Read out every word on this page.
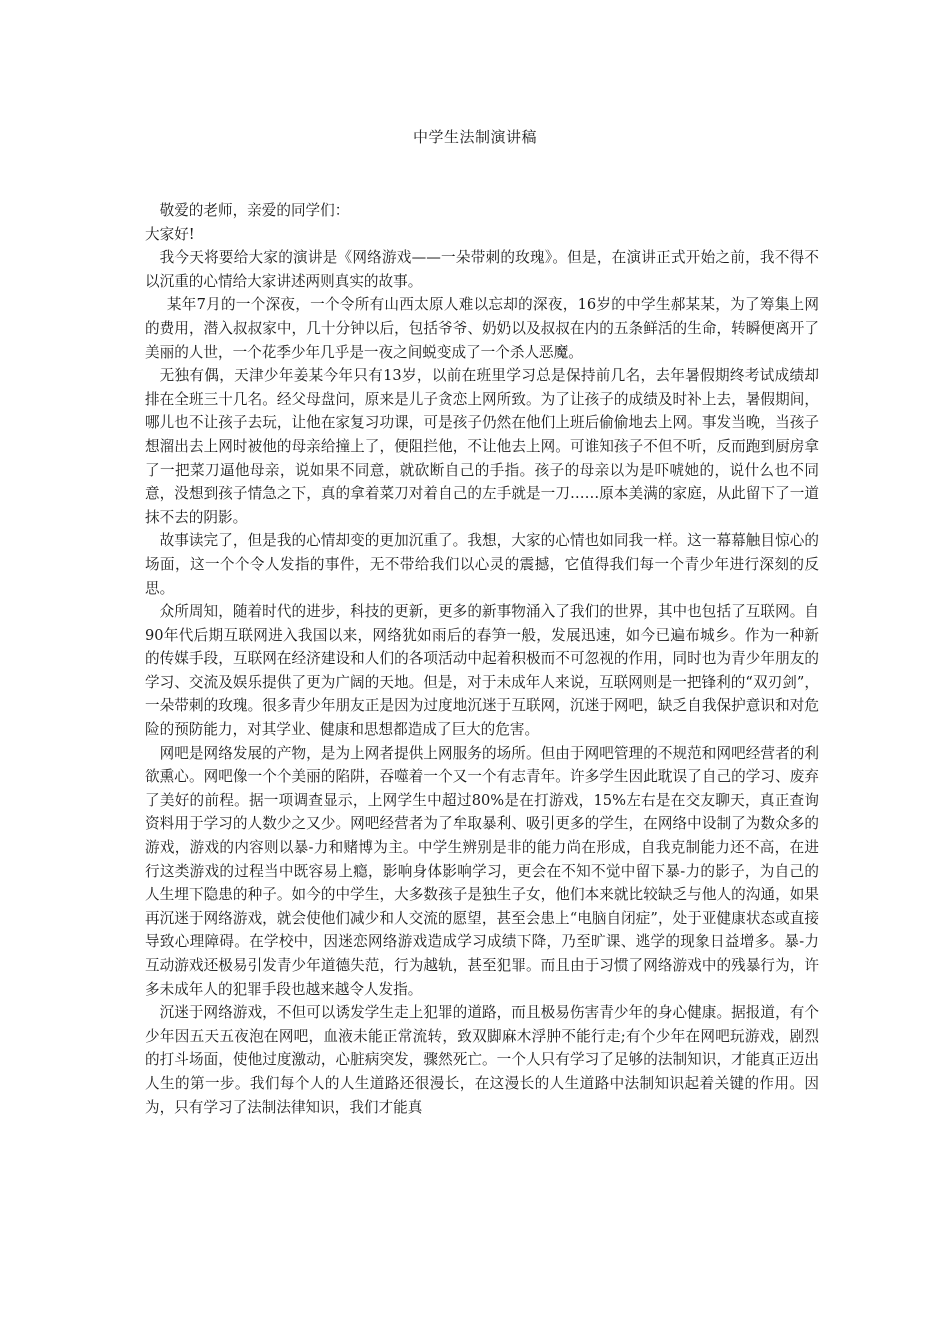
中学生法制演讲稿

敬爱的老师，亲爱的同学们：

大家好!

我今天将要给大家的演讲是《网络游戏——一朵带刺的玫瑰》。但是，在演讲正式开始之前，我不得不以沉重的心情给大家讲述两则真实的故事。

某年7月的一个深夜，一个令所有山西太原人难以忘却的深夜，16岁的中学生郝某某，为了筹集上网的费用，潜入叔叔家中，几十分钟以后，包括爷爷、奶奶以及叔叔在内的五条鲜活的生命，转瞬便离开了美丽的人世，一个花季少年几乎是一夜之间蜕变成了一个杀人恶魔。

无独有偶，天津少年姜某今年只有13岁，以前在班里学习总是保持前几名，去年暑假期终考试成绩却排在全班三十几名。经父母盘问，原来是儿子贪恋上网所致。为了让孩子的成绩及时补上去，暑假期间，哪儿也不让孩子去玩，让他在家复习功课，可是孩子仍然在他们上班后偷偷地去上网。事发当晚，当孩子想溜出去上网时被他的母亲给撞上了，便阻拦他，不让他去上网。可谁知孩子不但不听，反而跑到厨房拿了一把菜刀逼他母亲，说如果不同意，就砍断自己的手指。孩子的母亲以为是吓唬她的，说什么也不同意，没想到孩子情急之下，真的拿着菜刀对着自己的左手就是一刀……原本美满的家庭，从此留下了一道抹不去的阴影。

故事读完了，但是我的心情却变的更加沉重了。我想，大家的心情也如同我一样。这一幕幕触目惊心的场面，这一个个令人发指的事件，无不带给我们以心灵的震撼，它值得我们每一个青少年进行深刻的反思。

众所周知，随着时代的进步，科技的更新，更多的新事物涌入了我们的世界，其中也包括了互联网。自90年代后期互联网进入我国以来，网络犹如雨后的春笋一般，发展迅速，如今已遍布城乡。作为一种新的传媒手段，互联网在经济建设和人们的各项活动中起着积极而不可忽视的作用，同时也为青少年朋友的学习、交流及娱乐提供了更为广阔的天地。但是，对于未成年人来说，互联网则是一把锋利的“双刃剑”，一朵带刺的玫瑰。很多青少年朋友正是因为过度地沉迷于互联网，沉迷于网吧，缺乏自我保护意识和对危险的预防能力，对其学业、健康和思想都造成了巨大的危害。

网吧是网络发展的产物，是为上网者提供上网服务的场所。但由于网吧管理的不规范和网吧经营者的利欲熏心。网吧像一个个美丽的陷阱，吞噬着一个又一个有志青年。许多学生因此耽误了自己的学习、废弃了美好的前程。据一项调查显示，上网学生中超过80%是在打游戏，15%左右是在交友聊天，真正查询资料用于学习的人数少之又少。网吧经营者为了牟取暴利、吸引更多的学生，在网络中设制了为数众多的游戏，游戏的内容则以暴-力和赌博为主。中学生辨别是非的能力尚在形成，自我克制能力还不高，在进行这类游戏的过程当中既容易上瘾，影响身体影响学习，更会在不知不觉中留下暴-力的影子，为自己的人生埋下隐患的种子。如今的中学生，大多数孩子是独生子女，他们本来就比较缺乏与他人的沟通，如果再沉迷于网络游戏，就会使他们减少和人交流的愿望，甚至会患上“电脑自闭症”，处于亚健康状态或直接导致心理障碍。在学校中，因迷恋网络游戏造成学习成绩下降，乃至旷课、逃学的现象日益增多。暴-力互动游戏还极易引发青少年道德失范，行为越轨，甚至犯罪。而且由于习惯了网络游戏中的残暴行为，许多未成年人的犯罪手段也越来越令人发指。

沉迷于网络游戏，不但可以诱发学生走上犯罪的道路，而且极易伤害青少年的身心健康。据报道，有个少年因五天五夜泡在网吧，血液未能正常流转，致双脚麻木浮肿不能行走;有个少年在网吧玩游戏，剧烈的打斗场面，使他过度激动，心脏病突发，骤然死亡。一个人只有学习了足够的法制知识，才能真正迈出人生的第一步。我们每个人的人生道路还很漫长，在这漫长的人生道路中法制知识起着关键的作用。因为，只有学习了法制法律知识，我们才能真
